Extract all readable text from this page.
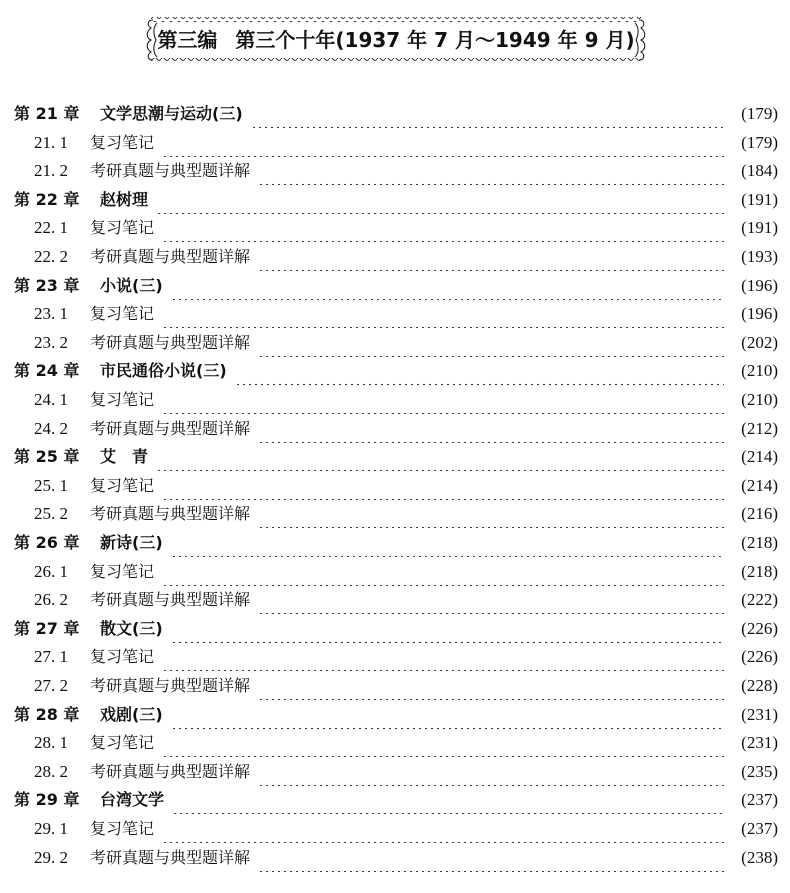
第三编 第三个十年(1937 年 7 月～1949 年 9 月)
第 21 章 文学思潮与运动(三)	(179)
21. 1 复习笔记	(179)
21. 2 考研真题与典型题详解	(184)
第 22 章 赵树理	(191)
22. 1 复习笔记	(191)
22. 2 考研真题与典型题详解	(193)
第 23 章 小说(三)	(196)
23. 1 复习笔记	(196)
23. 2 考研真题与典型题详解	(202)
第 24 章 市民通俗小说(三)	(210)
24. 1 复习笔记	(210)
24. 2 考研真题与典型题详解	(212)
第 25 章 艾　青	(214)
25. 1 复习笔记	(214)
25. 2 考研真题与典型题详解	(216)
第 26 章 新诗(三)	(218)
26. 1 复习笔记	(218)
26. 2 考研真题与典型题详解	(222)
第 27 章 散文(三)	(226)
27. 1 复习笔记	(226)
27. 2 考研真题与典型题详解	(228)
第 28 章 戏剧(三)	(231)
28. 1 复习笔记	(231)
28. 2 考研真题与典型题详解	(235)
第 29 章 台湾文学	(237)
29. 1 复习笔记	(237)
29. 2 考研真题与典型题详解	(238)
